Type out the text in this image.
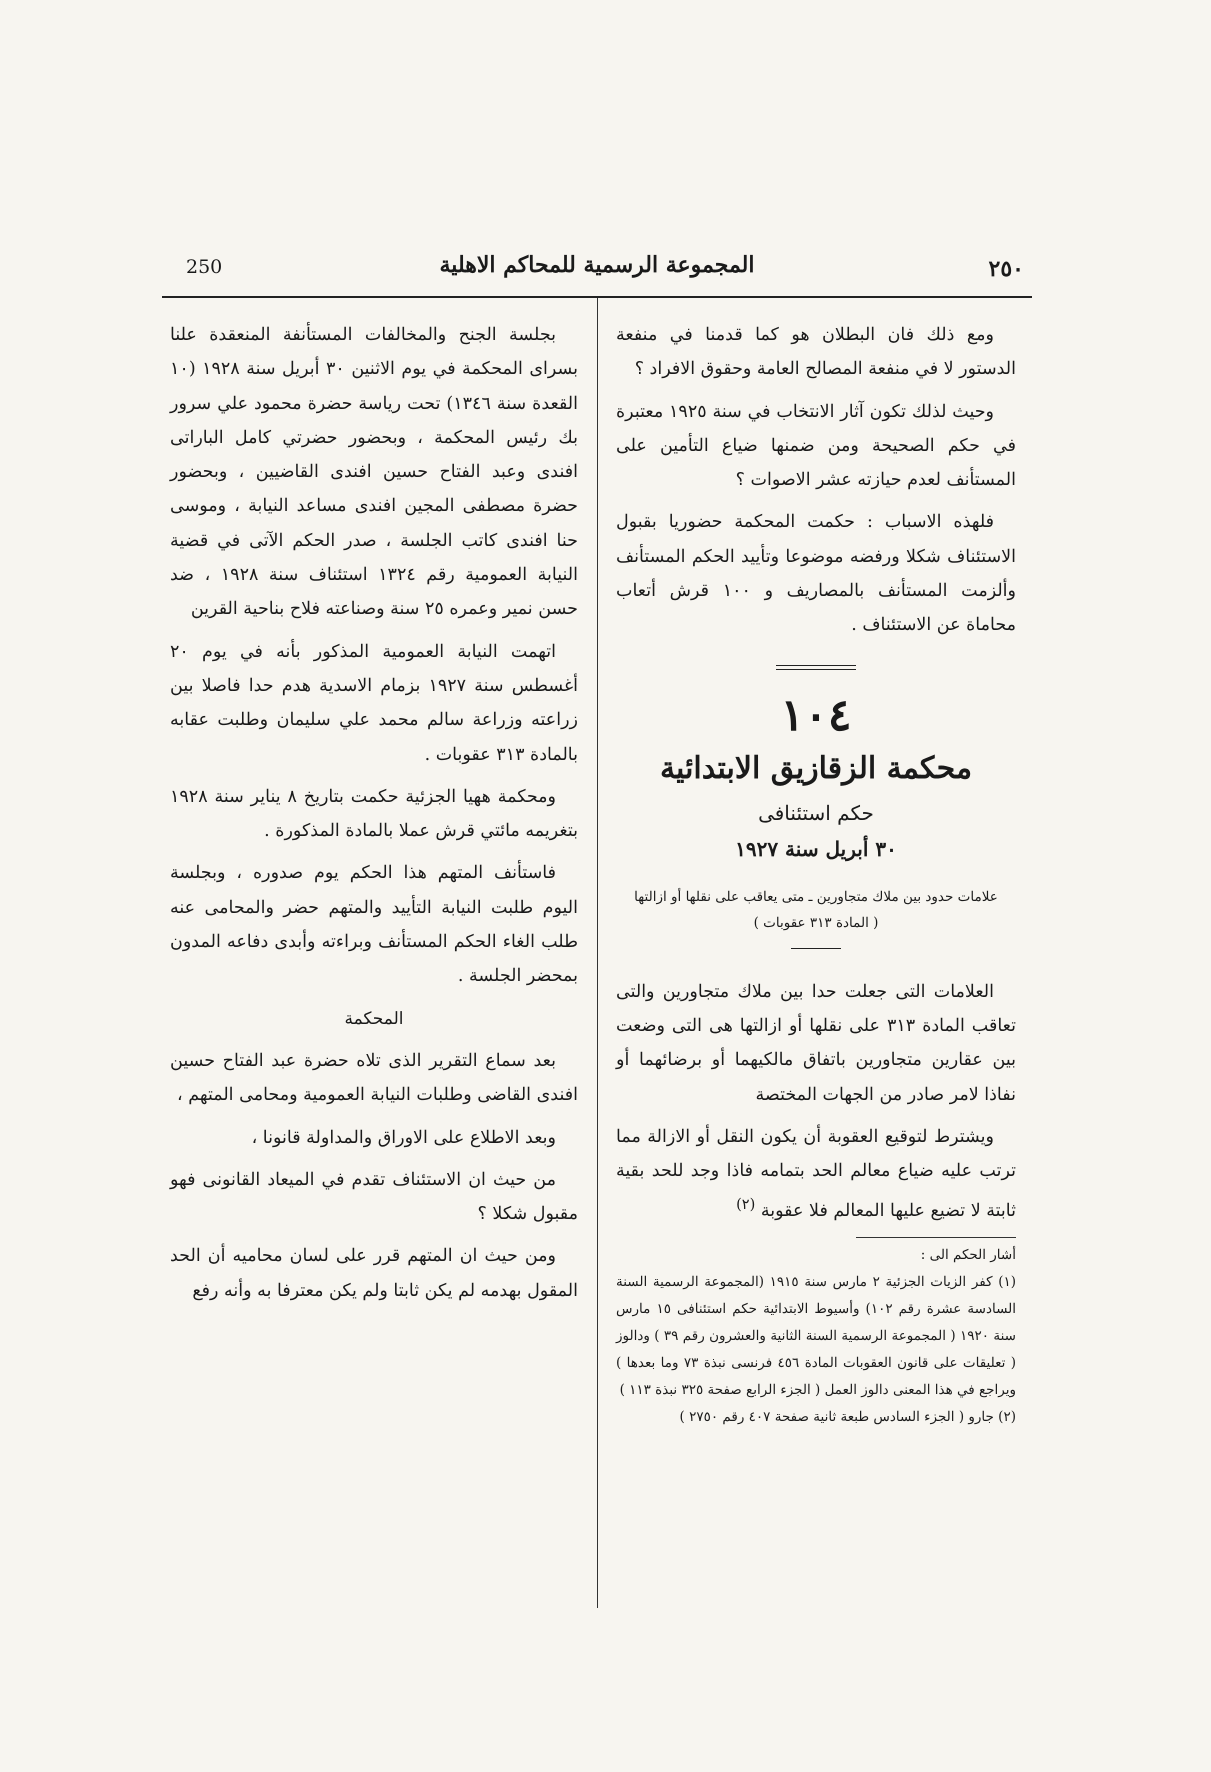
250	المجموعة الرسمية للمحاكم الاهلية	٢٥٠

بجلسة الجنح والمخالفات المستأنفة المنعقدة علنا بسراى المحكمة في يوم الاثنين ٣٠ أبريل سنة ١٩٢٨ (١٠ القعدة سنة ١٣٤٦) تحت رياسة حضرة محمود علي سرور بك رئيس المحكمة ، وبحضور حضرتي كامل الباراتى افندى وعبد الفتاح حسين افندى القاضيين ، وبحضور حضرة مصطفى المجين افندى مساعد النيابة ، وموسى حنا افندى كاتب الجلسة ، صدر الحكم الآتى في قضية النيابة العمومية رقم ١٣٢٤ استئناف سنة ١٩٢٨ ، ضد حسن نمير وعمره ٢٥ سنة وصناعته فلاح بناحية القرين

اتهمت النيابة العمومية المذكور بأنه في يوم ٢٠ أغسطس سنة ١٩٢٧ بزمام الاسدية هدم حدا فاصلا بين زراعته وزراعة سالم محمد علي سليمان وطلبت عقابه بالمادة ٣١٣ عقوبات .

ومحكمة ههيا الجزئية حكمت بتاريخ ٨ يناير سنة ١٩٢٨ بتغريمه مائتي قرش عملا بالمادة المذكورة .

فاستأنف المتهم هذا الحكم يوم صدوره ، وبجلسة اليوم طلبت النيابة التأييد والمتهم حضر والمحامى عنه طلب الغاء الحكم المستأنف وبراءته وأبدى دفاعه المدون بمحضر الجلسة .

المحكمة

بعد سماع التقرير الذى تلاه حضرة عبد الفتاح حسين افندى القاضى وطلبات النيابة العمومية ومحامى المتهم ،

وبعد الاطلاع على الاوراق والمداولة قانونا ،

من حيث ان الاستئناف تقدم في الميعاد القانونى فهو مقبول شكلا ؟

ومن حيث ان المتهم قرر على لسان محاميه أن الحد المقول بهدمه لم يكن ثابتا ولم يكن معترفا به وأنه رفع

ومع ذلك فان البطلان هو كما قدمنا في منفعة الدستور لا في منفعة المصالح العامة وحقوق الافراد ؟

وحيث لذلك تكون آثار الانتخاب في سنة ١٩٢٥ معتبرة في حكم الصحيحة ومن ضمنها ضياع التأمين على المستأنف لعدم حيازته عشر الاصوات ؟

فلهذه الاسباب : حكمت المحكمة حضوريا بقبول الاستئناف شكلا ورفضه موضوعا وتأييد الحكم المستأنف وألزمت المستأنف بالمصاريف و ١٠٠ قرش أتعاب محاماة عن الاستئناف .

١٠٤
محكمة الزقازيق الابتدائية
حكم استئنافى
٣٠ أبريل سنة ١٩٢٧
علامات حدود بين ملاك متجاورين ـ متى يعاقب على نقلها أو ازالتها
( المادة ٣١٣ عقوبات )

العلامات التى جعلت حدا بين ملاك متجاورين والتى تعاقب المادة ٣١٣ على نقلها أو ازالتها هى التى وضعت بين عقارين متجاورين باتفاق مالكيهما أو برضائهما أو نفاذا لامر صادر من الجهات المختصة

ويشترط لتوقيع العقوبة أن يكون النقل أو الازالة مما ترتب عليه ضياع معالم الحد بتمامه فاذا وجد للحد بقية ثابتة لا تضيع عليها المعالم فلا عقوبة $^{(٢)}$

أشار الحكم الى :
(١) كفر الزيات الجزئية ٢ مارس سنة ١٩١٥ (المجموعة الرسمية السنة السادسة عشرة رقم ١٠٢) وأسيوط الابتدائية حكم استئنافى ١٥ مارس سنة ١٩٢٠ ( المجموعة الرسمية السنة الثانية والعشرون رقم ٣٩ ) ودالوز ( تعليقات على قانون العقوبات المادة ٤٥٦ فرنسى نبذة ٧٣ وما بعدها ) ويراجع في هذا المعنى دالوز العمل ( الجزء الرابع صفحة ٣٢٥ نبذة ١١٣ )
(٢) جارو ( الجزء السادس طبعة ثانية صفحة ٤٠٧ رقم ٢٧٥٠ )
